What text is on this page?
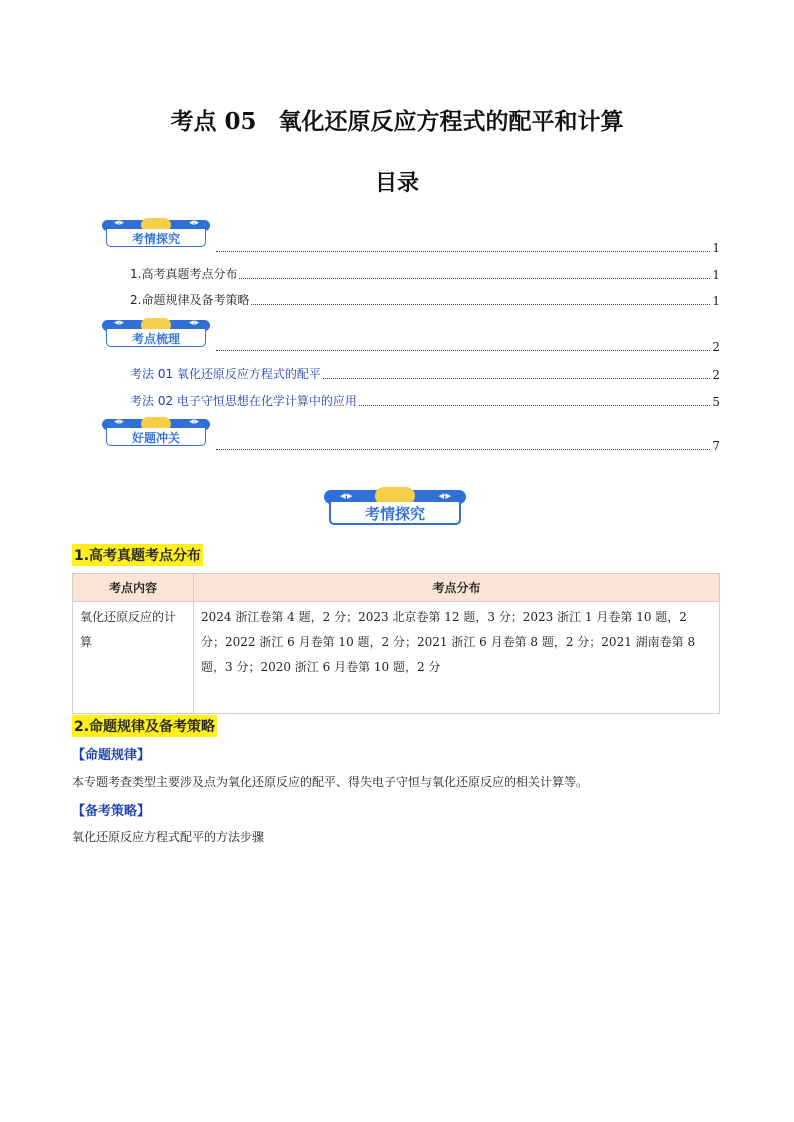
考点 05 氧化还原反应方程式的配平和计算
目录
◂·▸ ◂·▸
考情探究
1
1.高考真题考点分布	1
2.命题规律及备考策略	1
◂·▸ ◂·▸
考点梳理
2
考法 01 氧化还原反应方程式的配平	2
考法 02 电子守恒思想在化学计算中的应用	5
◂·▸ ◂·▸
好题冲关
7
◂·▸ ◂·▸
考情探究
1.高考真题考点分布
考点内容	考点分布
氧化还原反应的计算	2024 浙江卷第 4 题，2 分；2023 北京卷第 12 题，3 分；2023 浙江 1 月卷第 10 题，2 分；2022 浙江 6 月卷第 10 题，2 分；2021 浙江 6 月卷第 8 题，2 分；2021 湖南卷第 8 题，3 分；2020 浙江 6 月卷第 10 题，2 分
2.命题规律及备考策略
【命题规律】
本专题考查类型主要涉及点为氧化还原反应的配平、得失电子守恒与氧化还原反应的相关计算等。
【备考策略】
氧化还原反应方程式配平的方法步骤
